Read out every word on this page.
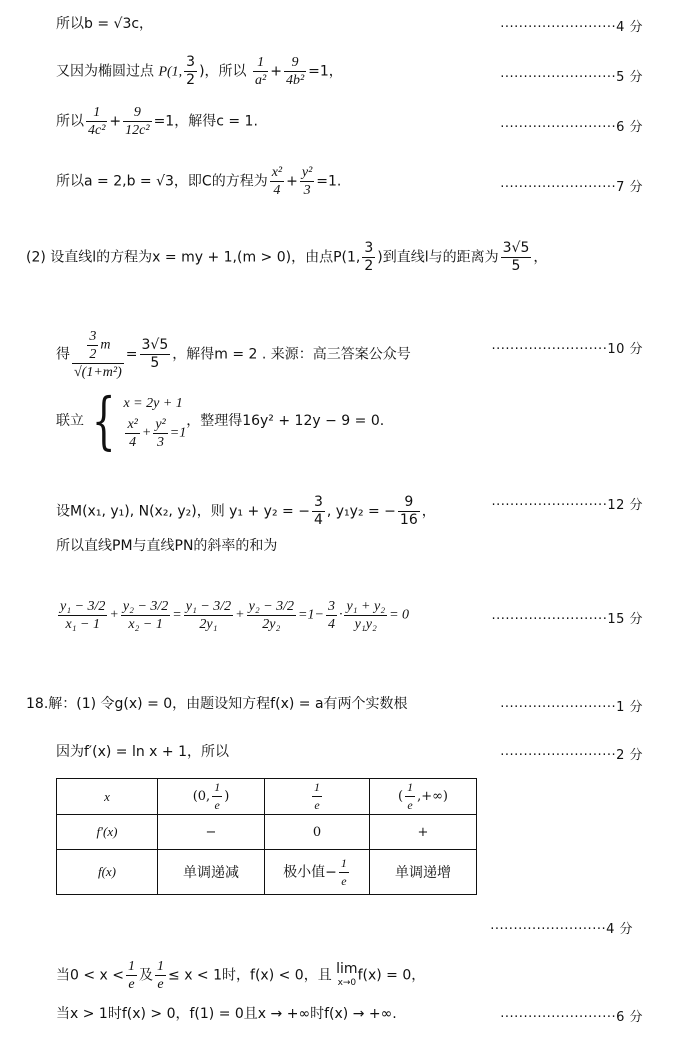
所以b = √3c，	·························4 分
又因为椭圆过点 P(1, $\frac{3}{2}$ )，所以 $\frac{1}{\text{a²}} + \frac{9}{\text{4b²}} =1$，	·························5 分
所以 $\frac{1}{\text{4c²}} + \frac{9}{\text{12c²}} =1$，解得c = 1.	·························6 分
所以a = 2,b = √3，即C的方程为 $\frac{\text{x²}}{4} + \frac{\text{y²}}{3} =1$.	·························7 分
(2) 设直线l的方程为x = my + 1,(m > 0)，由点P(1, $\frac{3}{2}$ )到直线l与的距离为 $\frac{3√5}{5}$ ，
得 $\frac{\frac{3}{2} m}{\text{√(1+m²)}} = \frac{3√5}{5}$ ，解得m = 2 . 来源：高三答案公众号	·························10 分
联立 { x = 2y + 1
$\frac{\text{x²}}{4} + \frac{\text{y²}}{3} =1$
，整理得16y² + 12y − 9 = 0.
设M(x₁, y₁), N(x₂, y₂)，则 y₁ + y₂ = − $\frac{3}{4}$ , y₁y₂ = − $\frac{9}{16}$ ，	·························12 分
所以直线PM与直线PN的斜率的和为
$\frac{\text{y₁ − 3/2}}{\text{x₁ − 1}} + \frac{\text{y₂ − 3/2}}{\text{x₂ − 1}} = \frac{\text{y₁ − 3/2}}{\text{2y₁}} + \frac{\text{y₂ − 3/2}}{\text{2y₂}} =1- \frac{3}{4} \cdot \frac{\text{y₁ + y₂}}{\text{y₁y₂}} = 0$	·························15 分
18.解：(1) 令g(x) = 0，由题设知方程f(x) = a有两个实数根	·························1 分
因为f′(x) = ln x + 1，所以	·························2 分
x	(0, $\frac{1}{e}$ )	$\frac{1}{e}$	( $\frac{1}{e}$ ,+∞)
f′(x)	−	0	+
f(x)	单调递减	极小值− $\frac{1}{e}$	单调递增
·························4 分
当$0 < x < \frac{1}{e}$ 及 $\frac{1}{e} \le x < 1$时，f(x) < 0，且 lim
x→0 f(x) = 0，
当x > 1时f(x) > 0，f(1) = 0且x → +∞时f(x) → +∞.	·························6 分
